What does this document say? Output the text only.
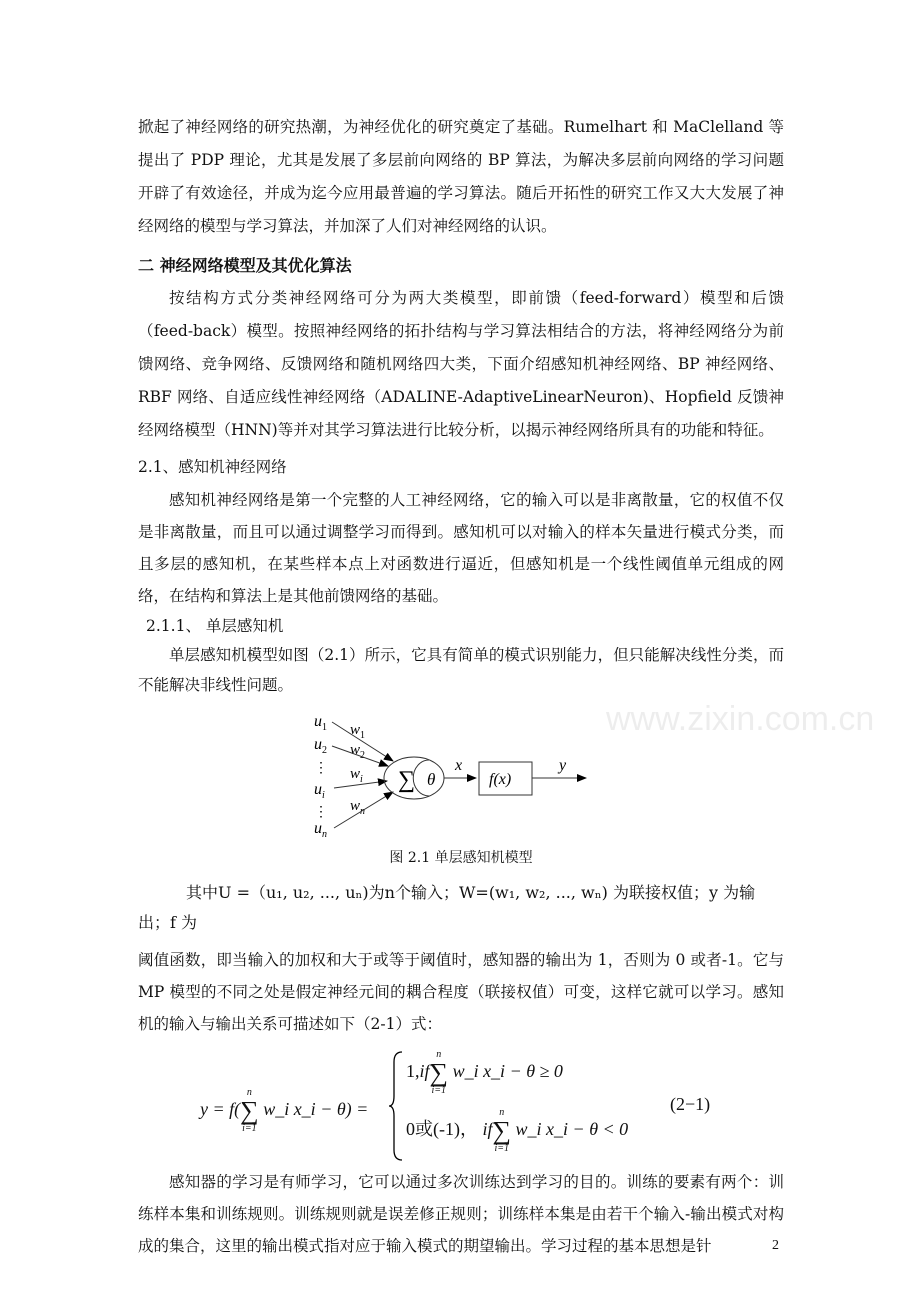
www.zixin.com.cn
掀起了神经网络的研究热潮，为神经优化的研究奠定了基础。Rumelhart 和 MaClelland 等提出了 PDP 理论，尤其是发展了多层前向网络的 BP 算法，为解决多层前向网络的学习问题开辟了有效途径，并成为迄今应用最普遍的学习算法。随后开拓性的研究工作又大大发展了神经网络的模型与学习算法，并加深了人们对神经网络的认识。
二 神经网络模型及其优化算法
按结构方式分类神经网络可分为两大类模型，即前馈（feed-forward）模型和后馈（feed-back）模型。按照神经网络的拓扑结构与学习算法相结合的方法，将神经网络分为前馈网络、竞争网络、反馈网络和随机网络四大类，下面介绍感知机神经网络、BP 神经网络、RBF 网络、自适应线性神经网络（ADALINE-AdaptiveLinearNeuron)、Hopfield 反馈神经网络模型（HNN)等并对其学习算法进行比较分析，以揭示神经网络所具有的功能和特征。
2.1、感知机神经网络
感知机神经网络是第一个完整的人工神经网络，它的输入可以是非离散量，它的权值不仅是非离散量，而且可以通过调整学习而得到。感知机可以对输入的样本矢量进行模式分类，而且多层的感知机，在某些样本点上对函数进行逼近，但感知机是一个线性阈值单元组成的网络，在结构和算法上是其他前馈网络的基础。
2.1.1、 单层感知机
单层感知机模型如图（2.1）所示，它具有简单的模式识别能力，但只能解决线性分类，而不能解决非线性问题。
$u_1$
$u_2$
⋮
$u_i$
⋮
$u_n$
$w_1$
$w_2$
$w_i$
$w_n$
∑ θ
x
f(x)
y
图 2.1 单层感知机模型
其中U =（u₁, u₂, ..., uₙ)为n个输入；W=(w₁, w₂, ..., wₙ) 为联接权值；y 为输出；f 为
阈值函数，即当输入的加权和大于或等于阈值时，感知器的输出为 1，否则为 0 或者-1。它与 MP 模型的不同之处是假定神经元间的耦合程度（联接权值）可变，这样它就可以学习。感知机的输入与输出关系可描述如下（2-1）式：
y = f(
n
∑
i=1
w_i x_i − θ) =
1,if
n
∑
i=1
w_i x_i − θ ≥ 0
0或(-1)， if
n
∑
i=1
w_i x_i − θ < 0
(2−1)
感知器的学习是有师学习，它可以通过多次训练达到学习的目的。训练的要素有两个：训练样本集和训练规则。训练规则就是误差修正规则；训练样本集是由若干个输入-输出模式对构成的集合，这里的输出模式指对应于输入模式的期望输出。学习过程的基本思想是针	2
